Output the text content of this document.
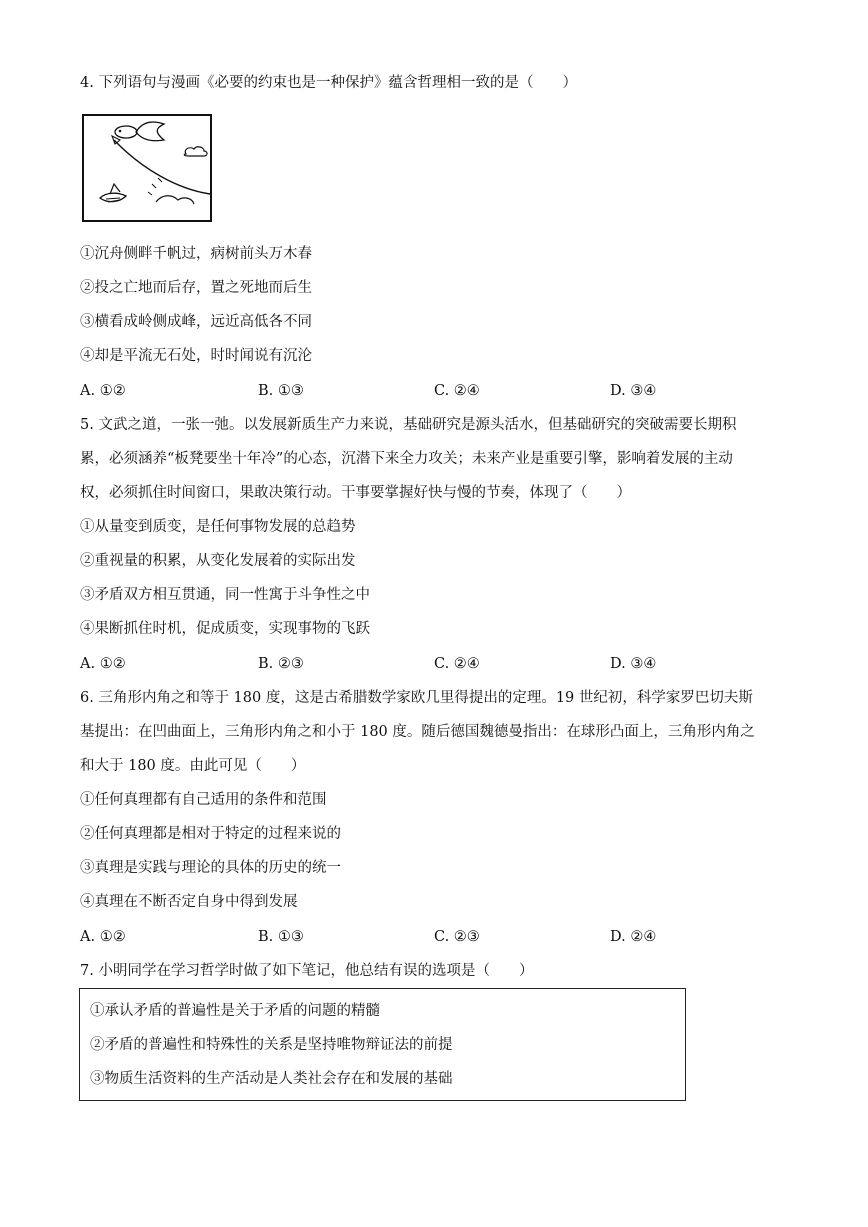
4. 下列语句与漫画《必要的约束也是一种保护》蕴含哲理相一致的是（　　）
①沉舟侧畔千帆过，病树前头万木春
②投之亡地而后存，置之死地而后生
③横看成岭侧成峰，远近高低各不同
④却是平流无石处，时时闻说有沉沦
A. ①②	B. ①③	C. ②④	D. ③④
5. 文武之道，一张一弛。以发展新质生产力来说，基础研究是源头活水，但基础研究的突破需要长期积
累，必须涵养“板凳要坐十年冷”的心态，沉潜下来全力攻关；未来产业是重要引擎，影响着发展的主动
权，必须抓住时间窗口，果敢决策行动。干事要掌握好快与慢的节奏，体现了（　　）
①从量变到质变，是任何事物发展的总趋势
②重视量的积累，从变化发展着的实际出发
③矛盾双方相互贯通，同一性寓于斗争性之中
④果断抓住时机，促成质变，实现事物的飞跃
A. ①②	B. ②③	C. ②④	D. ③④
6. 三角形内角之和等于 180 度，这是古希腊数学家欧几里得提出的定理。19 世纪初，科学家罗巴切夫斯
基提出：在凹曲面上，三角形内角之和小于 180 度。随后德国魏德曼指出：在球形凸面上，三角形内角之
和大于 180 度。由此可见（　　）
①任何真理都有自己适用的条件和范围
②任何真理都是相对于特定的过程来说的
③真理是实践与理论的具体的历史的统一
④真理在不断否定自身中得到发展
A. ①②	B. ①③	C. ②③	D. ②④
7. 小明同学在学习哲学时做了如下笔记，他总结有误的选项是（　　）
①承认矛盾的普遍性是关于矛盾的问题的精髓
②矛盾的普遍性和特殊性的关系是坚持唯物辩证法的前提
③物质生活资料的生产活动是人类社会存在和发展的基础
